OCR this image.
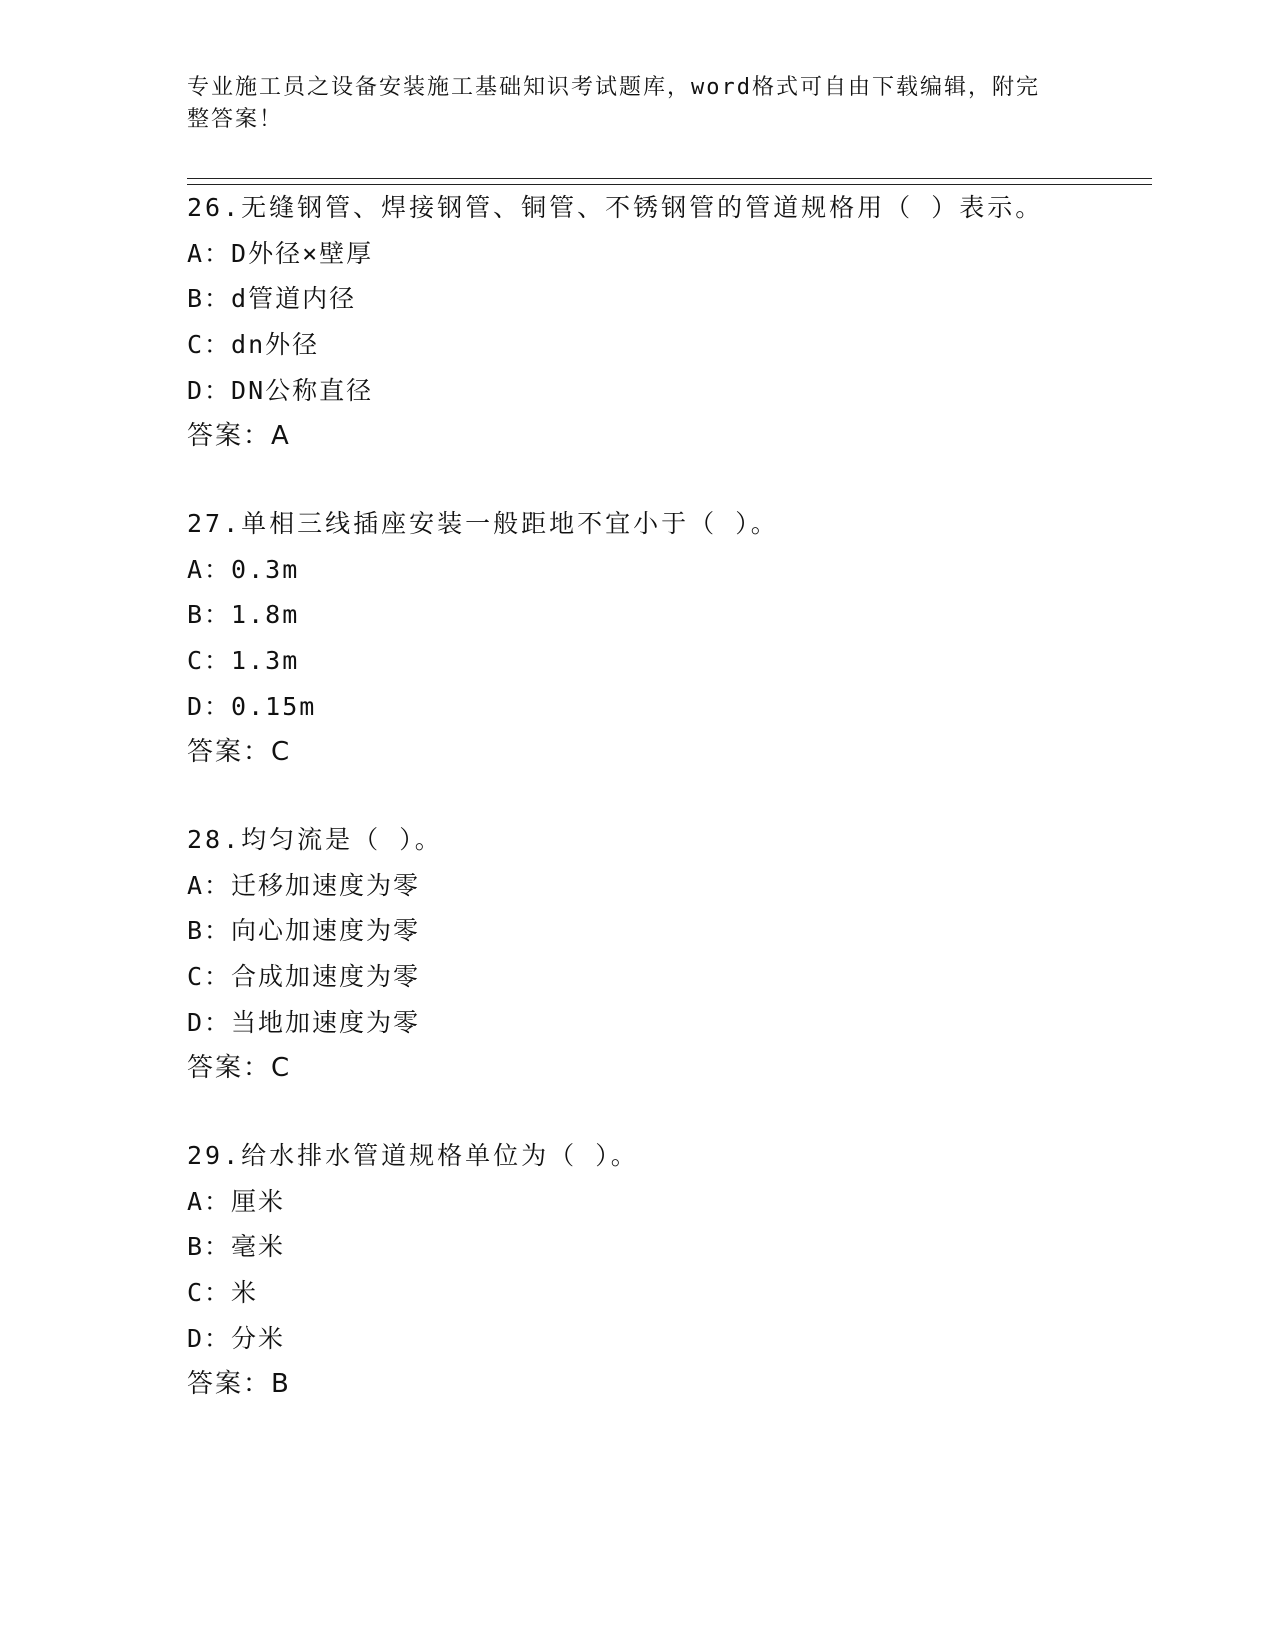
专业施工员之设备安装施工基础知识考试题库，word格式可自由下载编辑，附完
整答案！
26.无缝钢管、焊接钢管、铜管、不锈钢管的管道规格用（ ）表示。
A：D外径×壁厚
B：d管道内径
C：dn外径
D：DN公称直径
答案：A
27.单相三线插座安装一般距地不宜小于（ ）。
A：0.3m
B：1.8m
C：1.3m
D：0.15m
答案：C
28.均匀流是（ ）。
A：迁移加速度为零
B：向心加速度为零
C：合成加速度为零
D：当地加速度为零
答案：C
29.给水排水管道规格单位为（ ）。
A：厘米
B：毫米
C：米
D：分米
答案：B
